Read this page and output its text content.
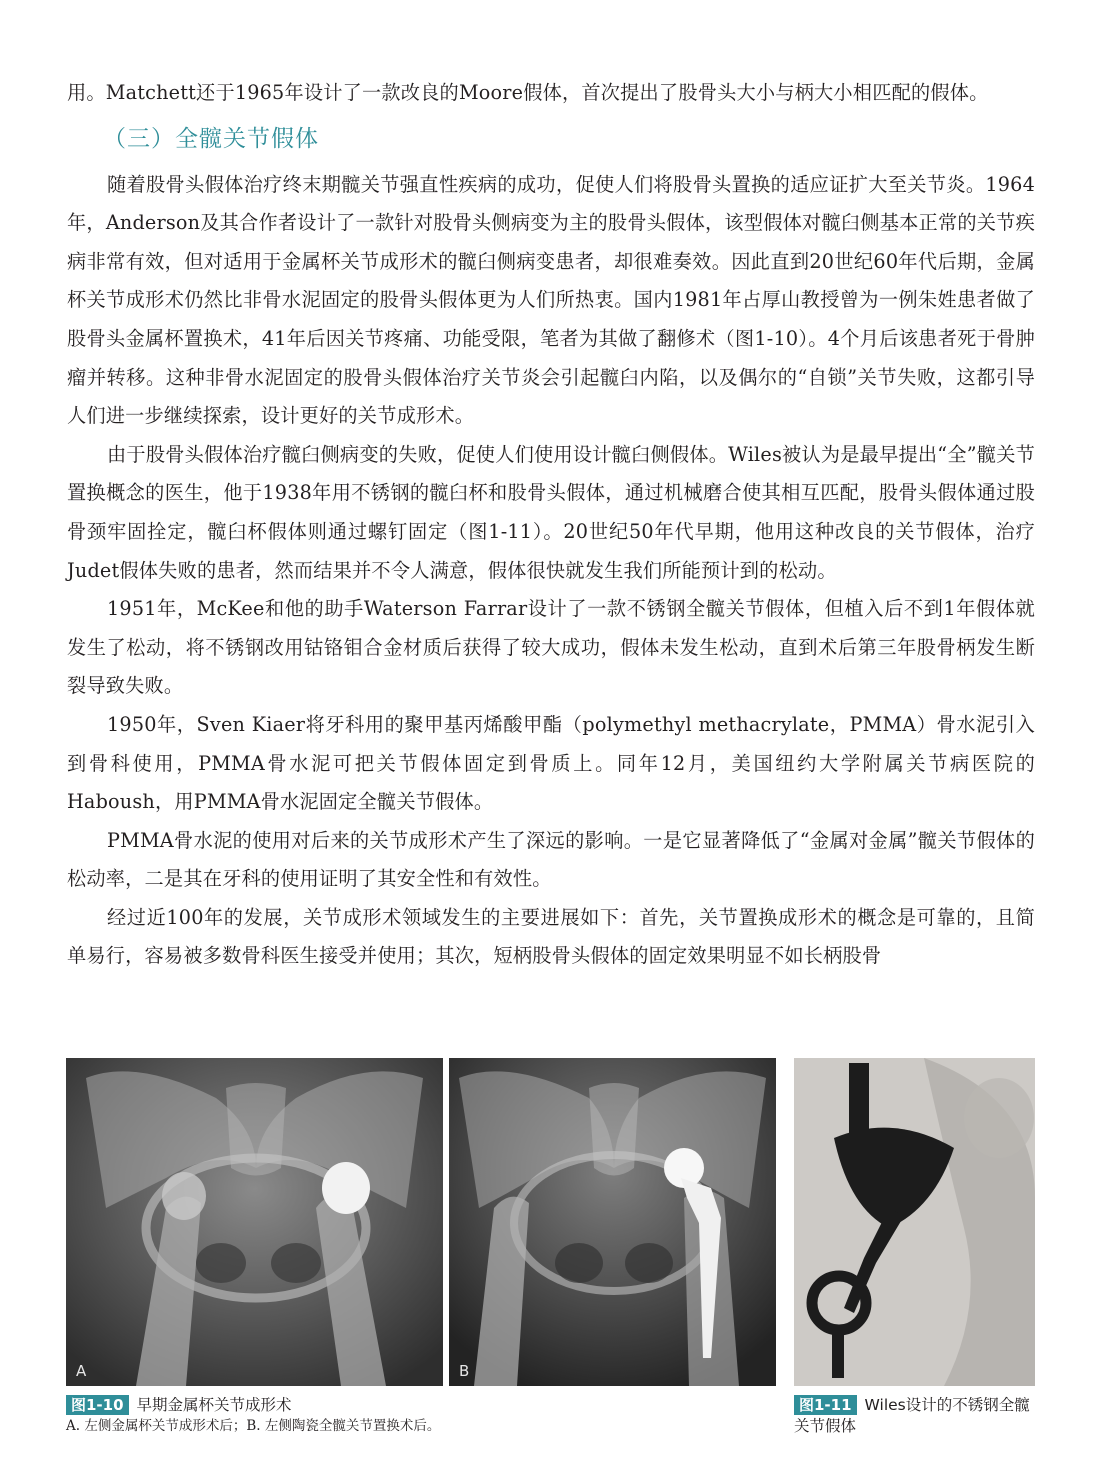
用。Matchett还于1965年设计了一款改良的Moore假体，首次提出了股骨头大小与柄大小相匹配的假体。

（三）全髋关节假体

随着股骨头假体治疗终末期髋关节强直性疾病的成功，促使人们将股骨头置换的适应证扩大至关节炎。1964年，Anderson及其合作者设计了一款针对股骨头侧病变为主的股骨头假体，该型假体对髋臼侧基本正常的关节疾病非常有效，但对适用于金属杯关节成形术的髋臼侧病变患者，却很难奏效。因此直到20世纪60年代后期，金属杯关节成形术仍然比非骨水泥固定的股骨头假体更为人们所热衷。国内1981年占厚山教授曾为一例朱姓患者做了股骨头金属杯置换术，41年后因关节疼痛、功能受限，笔者为其做了翻修术（图1-10）。4个月后该患者死于骨肿瘤并转移。这种非骨水泥固定的股骨头假体治疗关节炎会引起髋臼内陷，以及偶尔的“自锁”关节失败，这都引导人们进一步继续探索，设计更好的关节成形术。

由于股骨头假体治疗髋臼侧病变的失败，促使人们使用设计髋臼侧假体。Wiles被认为是最早提出“全”髋关节置换概念的医生，他于1938年用不锈钢的髋臼杯和股骨头假体，通过机械磨合使其相互匹配，股骨头假体通过股骨颈牢固拴定，髋臼杯假体则通过螺钉固定（图1-11）。20世纪50年代早期，他用这种改良的关节假体，治疗Judet假体失败的患者，然而结果并不令人满意，假体很快就发生我们所能预计到的松动。

1951年，McKee和他的助手Waterson Farrar设计了一款不锈钢全髋关节假体，但植入后不到1年假体就发生了松动，将不锈钢改用钴铬钼合金材质后获得了较大成功，假体未发生松动，直到术后第三年股骨柄发生断裂导致失败。

1950年，Sven Kiaer将牙科用的聚甲基丙烯酸甲酯（polymethyl methacrylate，PMMA）骨水泥引入到骨科使用，PMMA骨水泥可把关节假体固定到骨质上。同年12月，美国纽约大学附属关节病医院的Haboush，用PMMA骨水泥固定全髋关节假体。

PMMA骨水泥的使用对后来的关节成形术产生了深远的影响。一是它显著降低了“金属对金属”髋关节假体的松动率，二是其在牙科的使用证明了其安全性和有效性。

经过近100年的发展，关节成形术领域发生的主要进展如下：首先，关节置换成形术的概念是可靠的，且简单易行，容易被多数骨科医生接受并使用；其次，短柄股骨头假体的固定效果明显不如长柄股骨

A	B
图1-10 早期金属杯关节成形术
A. 左侧金属杯关节成形术后；B. 左侧陶瓷全髋关节置换术后。
图1-11 Wiles设计的不锈钢全髋关节假体
